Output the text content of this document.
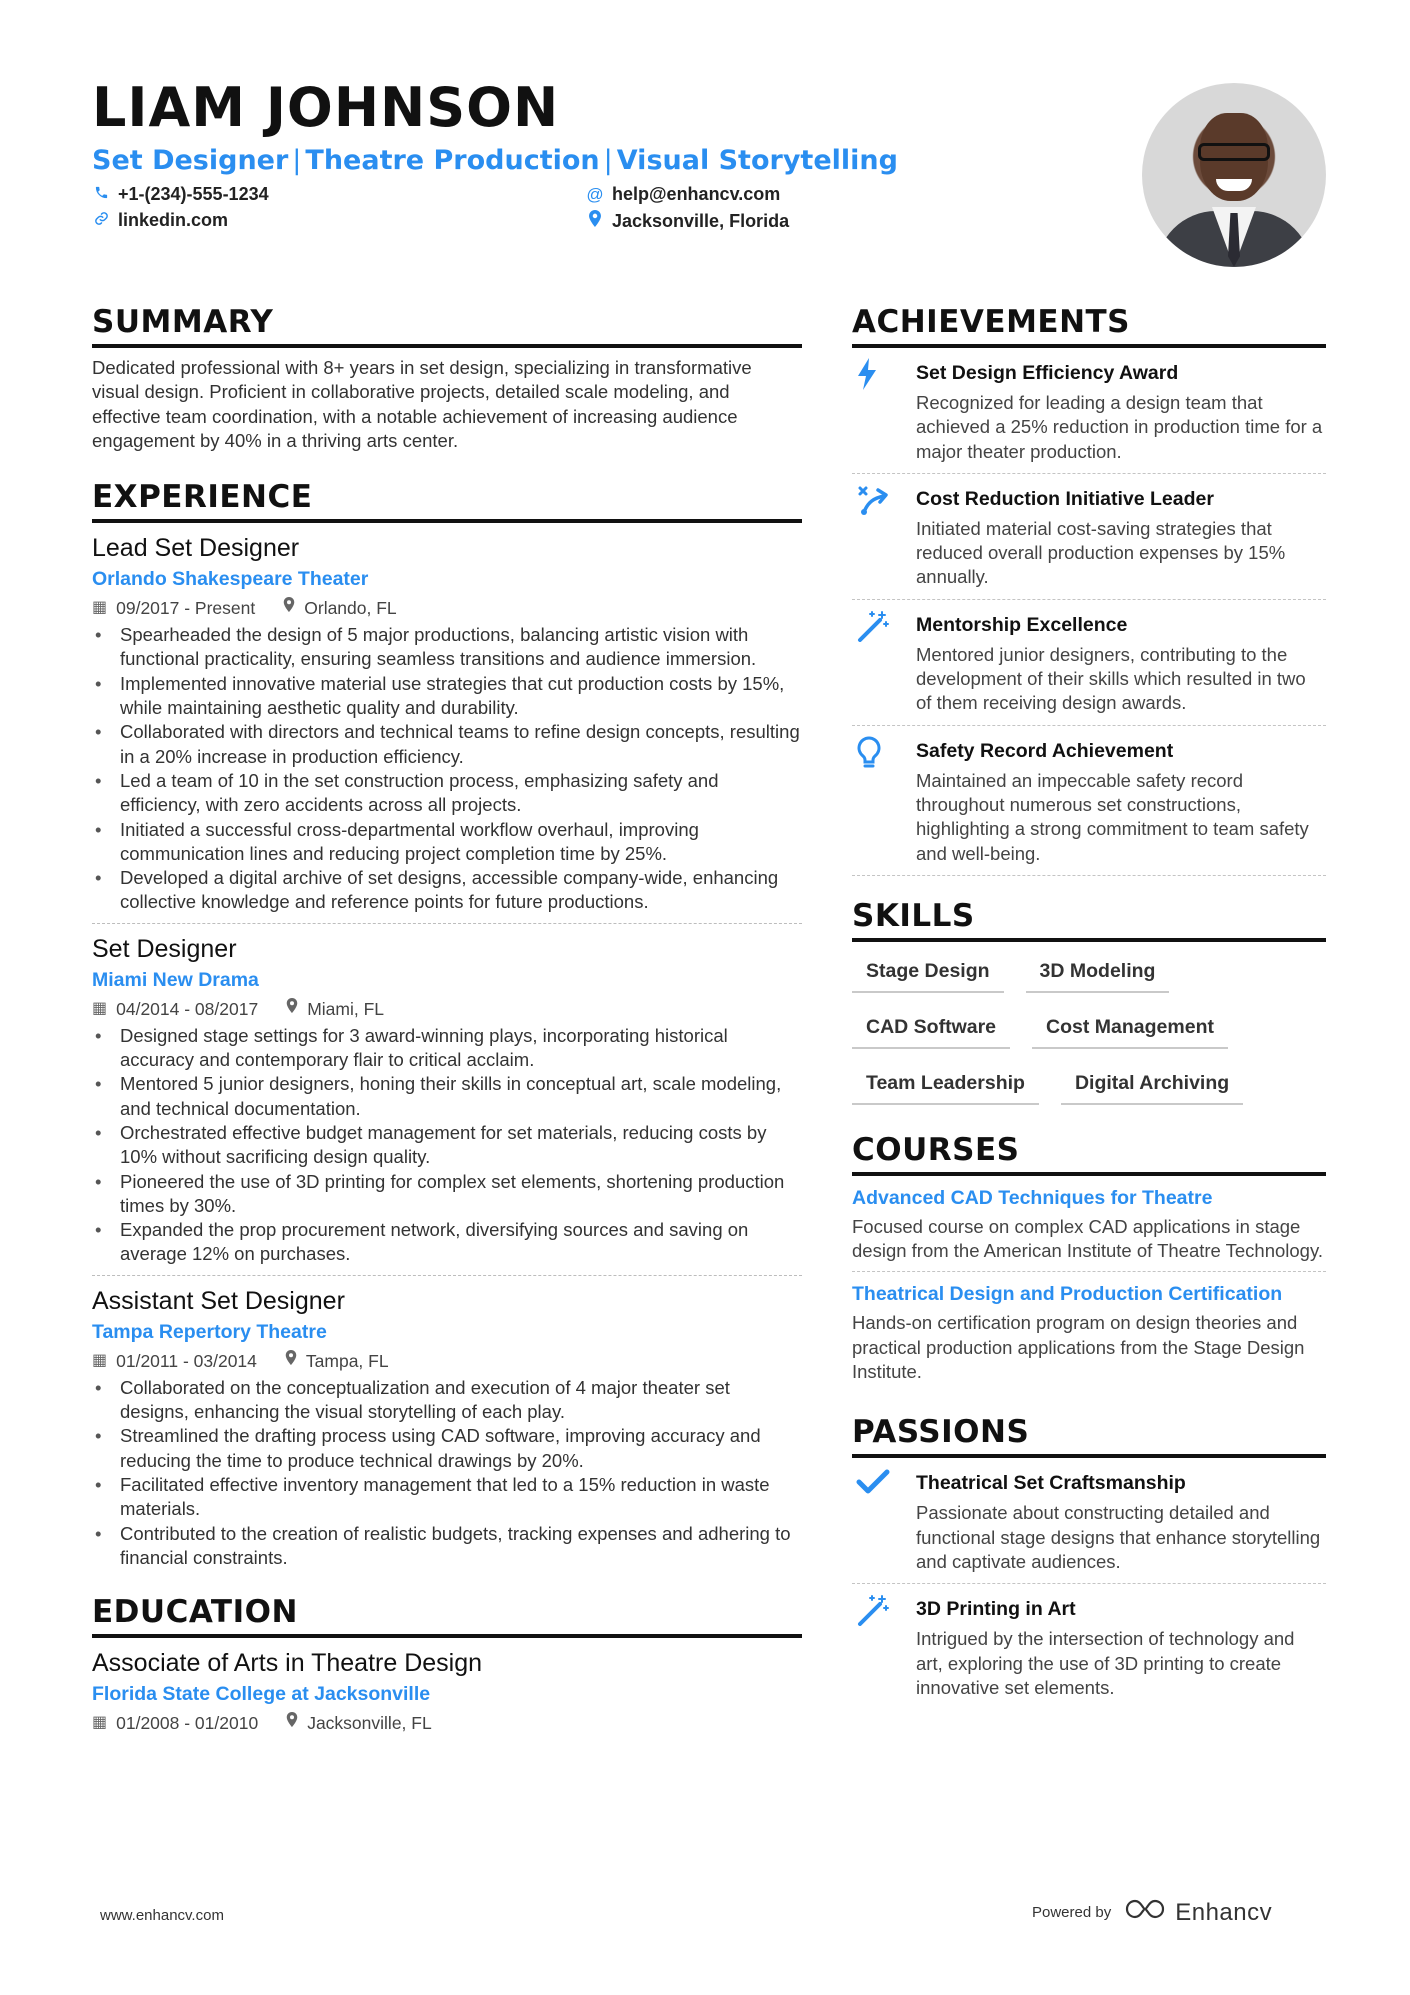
LIAM JOHNSON
Set Designer | Theatre Production | Visual Storytelling
+1-(234)-555-1234	@ help@enhancv.com
linkedin.com	Jacksonville, Florida
SUMMARY
Dedicated professional with 8+ years in set design, specializing in transformative visual design. Proficient in collaborative projects, detailed scale modeling, and effective team coordination, with a notable achievement of increasing audience engagement by 40% in a thriving arts center.
EXPERIENCE
Lead Set Designer
Orlando Shakespeare Theater
▦ 09/2017 - Present	Orlando, FL
• Spearheaded the design of 5 major productions, balancing artistic vision with functional practicality, ensuring seamless transitions and audience immersion.
• Implemented innovative material use strategies that cut production costs by 15%, while maintaining aesthetic quality and durability.
• Collaborated with directors and technical teams to refine design concepts, resulting in a 20% increase in production efficiency.
• Led a team of 10 in the set construction process, emphasizing safety and efficiency, with zero accidents across all projects.
• Initiated a successful cross-departmental workflow overhaul, improving communication lines and reducing project completion time by 25%.
• Developed a digital archive of set designs, accessible company-wide, enhancing collective knowledge and reference points for future productions.
Set Designer
Miami New Drama
▦ 04/2014 - 08/2017	Miami, FL
• Designed stage settings for 3 award-winning plays, incorporating historical accuracy and contemporary flair to critical acclaim.
• Mentored 5 junior designers, honing their skills in conceptual art, scale modeling, and technical documentation.
• Orchestrated effective budget management for set materials, reducing costs by 10% without sacrificing design quality.
• Pioneered the use of 3D printing for complex set elements, shortening production times by 30%.
• Expanded the prop procurement network, diversifying sources and saving on average 12% on purchases.
Assistant Set Designer
Tampa Repertory Theatre
▦ 01/2011 - 03/2014	Tampa, FL
• Collaborated on the conceptualization and execution of 4 major theater set designs, enhancing the visual storytelling of each play.
• Streamlined the drafting process using CAD software, improving accuracy and reducing the time to produce technical drawings by 20%.
• Facilitated effective inventory management that led to a 15% reduction in waste materials.
• Contributed to the creation of realistic budgets, tracking expenses and adhering to financial constraints.
EDUCATION
Associate of Arts in Theatre Design
Florida State College at Jacksonville
▦ 01/2008 - 01/2010	Jacksonville, FL
ACHIEVEMENTS
Set Design Efficiency Award
Recognized for leading a design team that achieved a 25% reduction in production time for a major theater production.
Cost Reduction Initiative Leader
Initiated material cost-saving strategies that reduced overall production expenses by 15% annually.
Mentorship Excellence
Mentored junior designers, contributing to the development of their skills which resulted in two of them receiving design awards.
Safety Record Achievement
Maintained an impeccable safety record throughout numerous set constructions, highlighting a strong commitment to team safety and well-being.
SKILLS
Stage Design	3D Modeling
CAD Software	Cost Management
Team Leadership	Digital Archiving
COURSES
Advanced CAD Techniques for Theatre
Focused course on complex CAD applications in stage design from the American Institute of Theatre Technology.
Theatrical Design and Production Certification
Hands-on certification program on design theories and practical production applications from the Stage Design Institute.
PASSIONS
Theatrical Set Craftsmanship
Passionate about constructing detailed and functional stage designs that enhance storytelling and captivate audiences.
3D Printing in Art
Intrigued by the intersection of technology and art, exploring the use of 3D printing to create innovative set elements.
www.enhancv.com	Powered by	Enhancv
